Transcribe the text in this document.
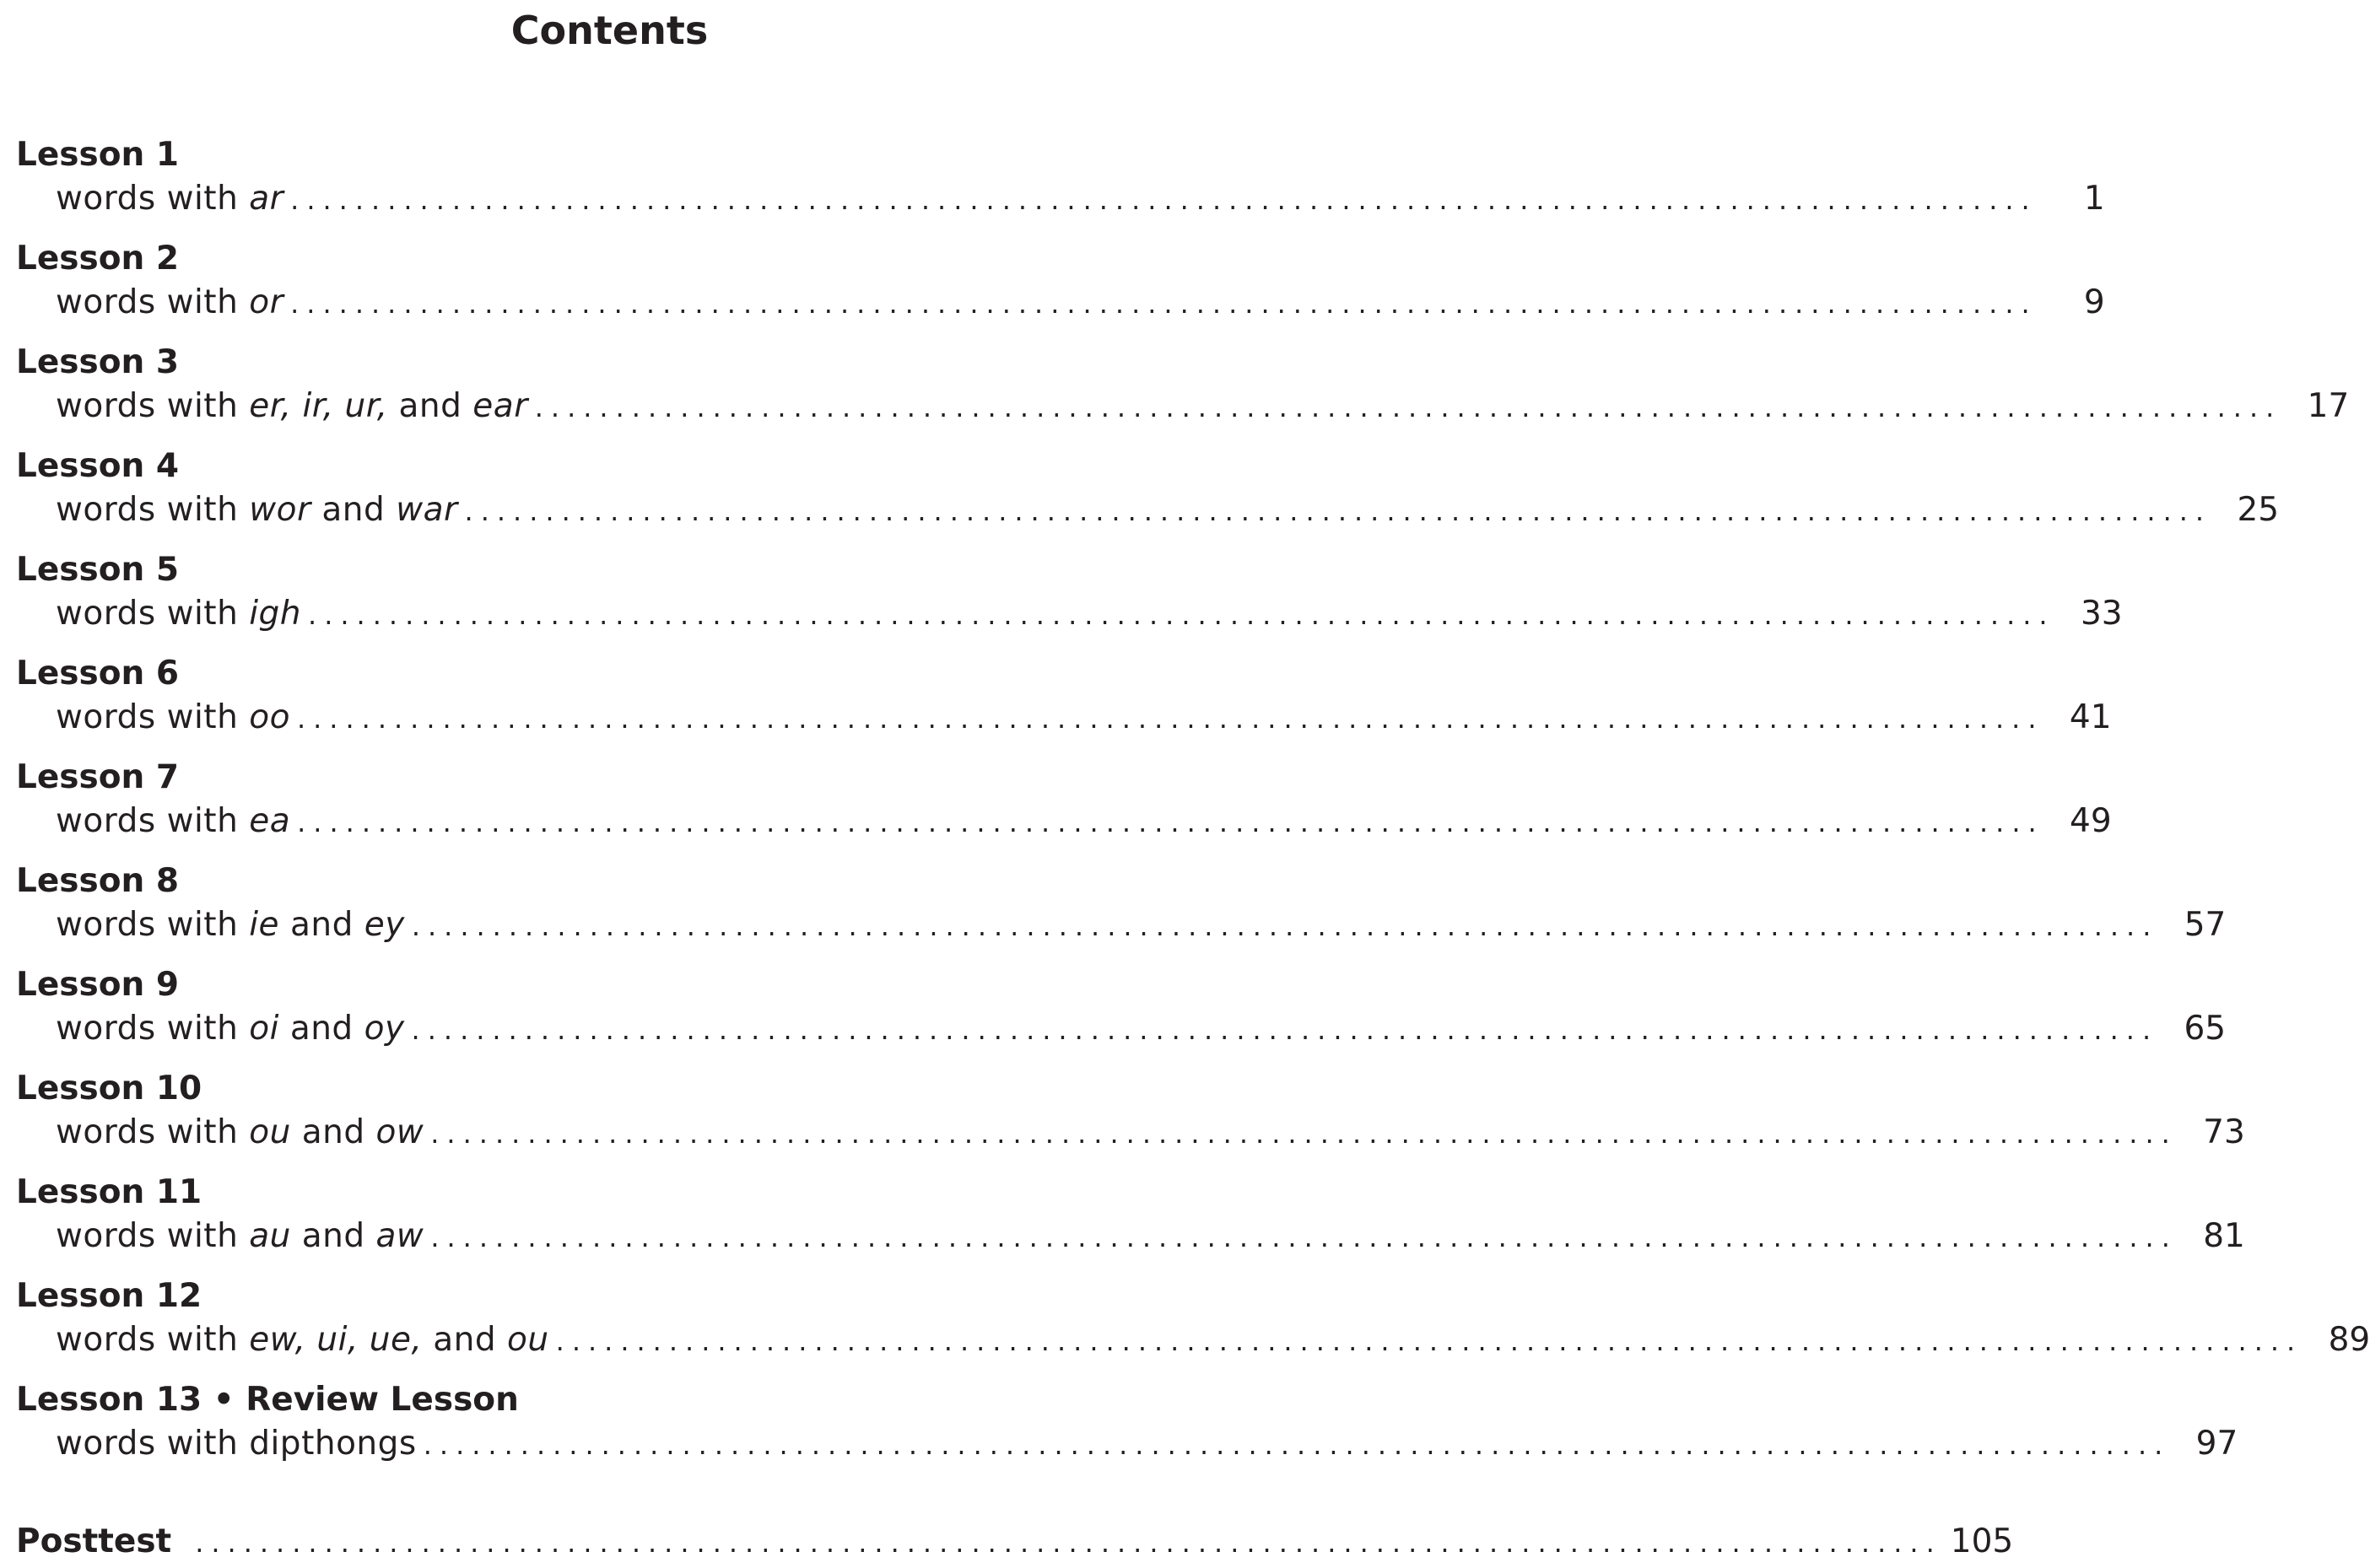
Contents
Lesson 1
words with ar ............................................................................................................	1
Lesson 2
words with or ............................................................................................................	9
Lesson 3
words with er, ir, ur, and ear ............................................................................................................ 17
Lesson 4
words with wor and war ............................................................................................................ 25
Lesson 5
words with igh ............................................................................................................ 33
Lesson 6
words with oo ............................................................................................................ 41
Lesson 7
words with ea ............................................................................................................ 49
Lesson 8
words with ie and ey ............................................................................................................ 57
Lesson 9
words with oi and oy ............................................................................................................ 65
Lesson 10
words with ou and ow ............................................................................................................ 73
Lesson 11
words with au and aw ............................................................................................................ 81
Lesson 12
words with ew, ui, ue, and ou ............................................................................................................ 89
Lesson 13 • Review Lesson
words with dipthongs ............................................................................................................ 97
Posttest ............................................................................................................ 105
